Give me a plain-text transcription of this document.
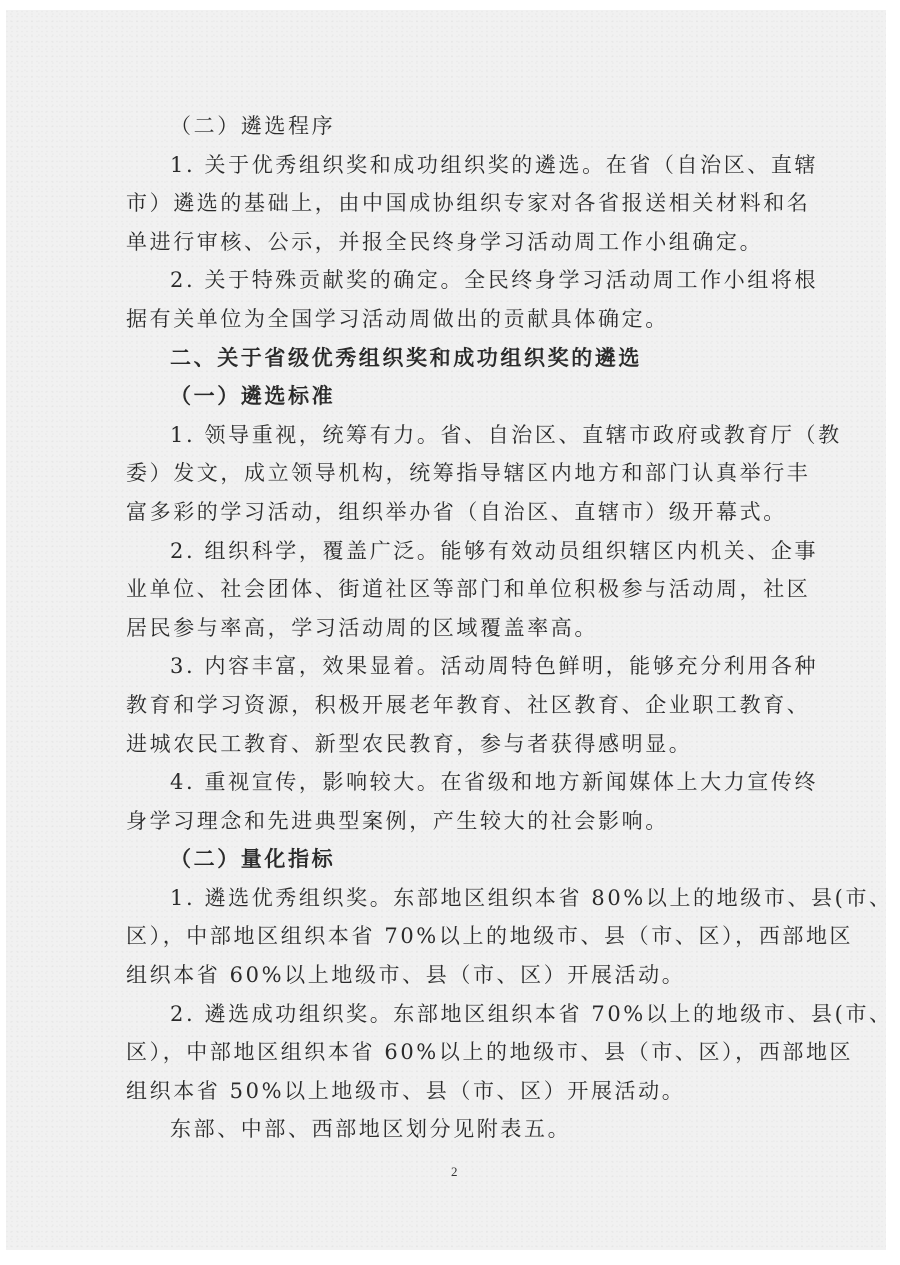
（二）遴选程序
1. 关于优秀组织奖和成功组织奖的遴选。在省（自治区、直辖
市）遴选的基础上，由中国成协组织专家对各省报送相关材料和名
单进行审核、公示，并报全民终身学习活动周工作小组确定。
2. 关于特殊贡献奖的确定。全民终身学习活动周工作小组将根
据有关单位为全国学习活动周做出的贡献具体确定。
二、关于省级优秀组织奖和成功组织奖的遴选
（一）遴选标准
1. 领导重视，统筹有力。省、自治区、直辖市政府或教育厅（教
委）发文，成立领导机构，统筹指导辖区内地方和部门认真举行丰
富多彩的学习活动，组织举办省（自治区、直辖市）级开幕式。
2. 组织科学，覆盖广泛。能够有效动员组织辖区内机关、企事
业单位、社会团体、街道社区等部门和单位积极参与活动周，社区
居民参与率高，学习活动周的区域覆盖率高。
3. 内容丰富，效果显着。活动周特色鲜明，能够充分利用各种
教育和学习资源，积极开展老年教育、社区教育、企业职工教育、
进城农民工教育、新型农民教育，参与者获得感明显。
4. 重视宣传，影响较大。在省级和地方新闻媒体上大力宣传终
身学习理念和先进典型案例，产生较大的社会影响。
（二）量化指标
1. 遴选优秀组织奖。东部地区组织本省 80%以上的地级市、县(市、
区），中部地区组织本省 70%以上的地级市、县（市、区），西部地区
组织本省 60%以上地级市、县（市、区）开展活动。
2. 遴选成功组织奖。东部地区组织本省 70%以上的地级市、县(市、
区），中部地区组织本省 60%以上的地级市、县（市、区），西部地区
组织本省 50%以上地级市、县（市、区）开展活动。
东部、中部、西部地区划分见附表五。
2
